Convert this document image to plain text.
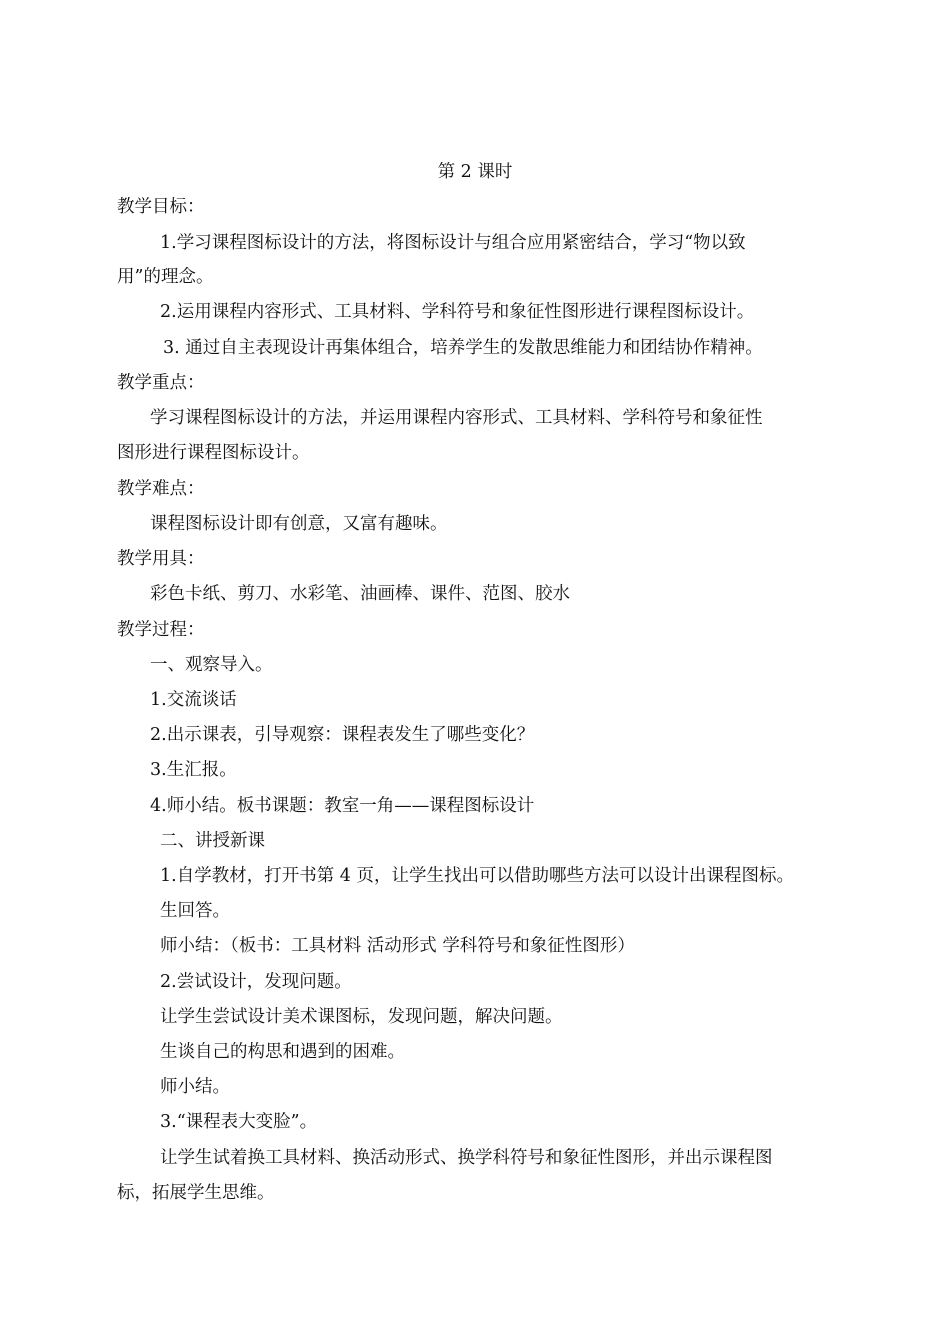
第 2 课时
教学目标：
1.学习课程图标设计的方法，将图标设计与组合应用紧密结合，学习“物以致
用”的理念。
2.运用课程内容形式、工具材料、学科符号和象征性图形进行课程图标设计。
3. 通过自主表现设计再集体组合，培养学生的发散思维能力和团结协作精神。
教学重点：
学习课程图标设计的方法，并运用课程内容形式、工具材料、学科符号和象征性
图形进行课程图标设计。
教学难点：
课程图标设计即有创意，又富有趣味。
教学用具：
彩色卡纸、剪刀、水彩笔、油画棒、课件、范图、胶水
教学过程：
一、观察导入。
1.交流谈话
2.出示课表，引导观察：课程表发生了哪些变化？
3.生汇报。
4.师小结。板书课题：教室一角——课程图标设计
二、讲授新课
1.自学教材，打开书第 4 页，让学生找出可以借助哪些方法可以设计出课程图标。
生回答。
师小结：（板书：工具材料 活动形式 学科符号和象征性图形）
2.尝试设计，发现问题。
让学生尝试设计美术课图标，发现问题，解决问题。
生谈自己的构思和遇到的困难。
师小结。
3.“课程表大变脸”。
让学生试着换工具材料、换活动形式、换学科符号和象征性图形，并出示课程图
标，拓展学生思维。
